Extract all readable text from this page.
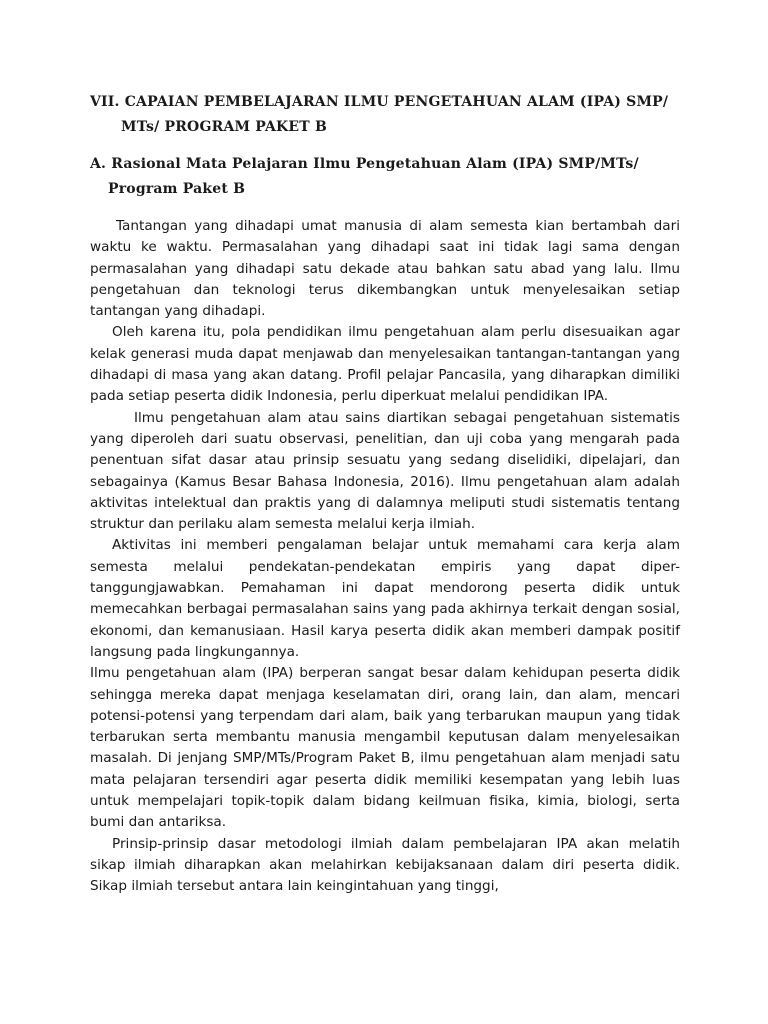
VII. CAPAIAN PEMBELAJARAN ILMU PENGETAHUAN ALAM (IPA) SMP/
MTs/ PROGRAM PAKET B
A. Rasional Mata Pelajaran Ilmu Pengetahuan Alam (IPA) SMP/MTs/
Program Paket B

Tantangan yang dihadapi umat manusia di alam semesta kian bertambah dari waktu ke waktu. Permasalahan yang dihadapi saat ini tidak lagi sama dengan permasalahan yang dihadapi satu dekade atau bahkan satu abad yang lalu. Ilmu pengetahuan dan teknologi terus dikembangkan untuk menyelesaikan setiap tantangan yang dihadapi.

Oleh karena itu, pola pendidikan ilmu pengetahuan alam perlu disesuaikan agar kelak generasi muda dapat menjawab dan menyelesaikan tantangan-tantangan yang dihadapi di masa yang akan datang. Profil pelajar Pancasila, yang diharapkan dimiliki pada setiap peserta didik Indonesia, perlu diperkuat melalui pendidikan IPA.

Ilmu pengetahuan alam atau sains diartikan sebagai pengetahuan sistematis yang diperoleh dari suatu observasi, penelitian, dan uji coba yang mengarah pada penentuan sifat dasar atau prinsip sesuatu yang sedang diselidiki, dipelajari, dan sebagainya (Kamus Besar Bahasa Indonesia, 2016). Ilmu pengetahuan alam adalah aktivitas intelektual dan praktis yang di dalamnya meliputi studi sistematis tentang struktur dan perilaku alam semesta melalui kerja ilmiah.

Aktivitas ini memberi pengalaman belajar untuk memahami cara kerja alam semesta melalui pendekatan-pendekatan empiris yang dapat diper-tanggungjawabkan. Pemahaman ini dapat mendorong peserta didik untuk memecahkan berbagai permasalahan sains yang pada akhirnya terkait dengan sosial, ekonomi, dan kemanusiaan. Hasil karya peserta didik akan memberi dampak positif langsung pada lingkungannya.

Ilmu pengetahuan alam (IPA) berperan sangat besar dalam kehidupan peserta didik sehingga mereka dapat menjaga keselamatan diri, orang lain, dan alam, mencari potensi-potensi yang terpendam dari alam, baik yang terbarukan maupun yang tidak terbarukan serta membantu manusia mengambil keputusan dalam menyelesaikan masalah. Di jenjang SMP/MTs/Program Paket B, ilmu pengetahuan alam menjadi satu mata pelajaran tersendiri agar peserta didik memiliki kesempatan yang lebih luas untuk mempelajari topik-topik dalam bidang keilmuan fisika, kimia, biologi, serta bumi dan antariksa.

Prinsip-prinsip dasar metodologi ilmiah dalam pembelajaran IPA akan melatih sikap ilmiah diharapkan akan melahirkan kebijaksanaan dalam diri peserta didik. Sikap ilmiah tersebut antara lain keingintahuan yang tinggi,
